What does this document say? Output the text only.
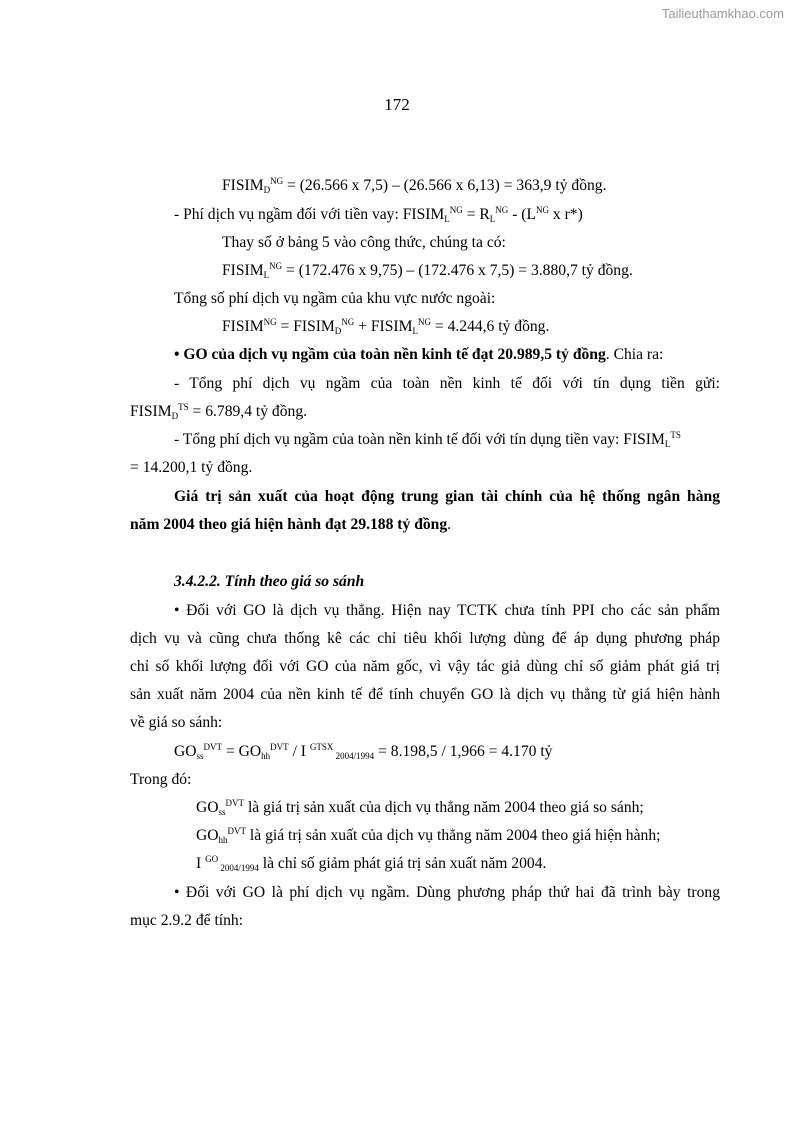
Tailieuthamkhao.com
172
$FISIM_D^{NG} = (26.566$ x 7,5) – (26.566 x 6,13) = 363,9 tỷ đồng.
- Phí dịch vụ ngầm đối với tiền vay: $FISIM_L^{NG} = R_L^{NG} - (L^{NG}$ x r*)
Thay số ở bảng 5 vào công thức, chúng ta có:
$FISIM_L^{NG} = (172.476$ x 9,75) – (172.476 x 7,5) = 3.880,7 tỷ đồng.
Tổng số phí dịch vụ ngầm của khu vực nước ngoài:
$FISIM^{NG}$ = $FISIM_D^{NG}$ + $FISIM_L^{NG} = 4.244,6$ tỷ đồng.
• GO của dịch vụ ngầm của toàn nền kinh tế đạt 20.989,5 tỷ đồng. Chia ra:
- Tổng phí dịch vụ ngầm của toàn nền kinh tế đối với tín dụng tiền gửi:
$FISIM_D^{TS} = 6.789,4$ tỷ đồng.
- Tổng phí dịch vụ ngầm của toàn nền kinh tế đối với tín dụng tiền vay: $FISIM_L^{TS}$
= 14.200,1 tỷ đồng.
Giá trị sản xuất của hoạt động trung gian tài chính của hệ thống ngân hàng
năm 2004 theo giá hiện hành đạt 29.188 tỷ đồng.
3.4.2.2. Tính theo giá so sánh
• Đối với GO là dịch vụ thẳng. Hiện nay TCTK chưa tính PPI cho các sản phẩm
dịch vụ và cũng chưa thống kê các chỉ tiêu khối lượng dùng để áp dụng phương pháp
chỉ số khối lượng đối với GO của năm gốc, vì vậy tác giả dùng chỉ số giảm phát giá trị
sản xuất năm 2004 của nền kinh tế để tính chuyển GO là dịch vụ thẳng từ giá hiện hành
về giá so sánh:
$GO_{ss}^{DVT} = GO_{hh}^{DVT} / I$ $^{GTSX}$ $_{2004/1994}$ = 8.198,5 / 1,966 = 4.170 tỷ
Trong đó:
$GO_{ss}^{DVT}$ là giá trị sản xuất của dịch vụ thẳng năm 2004 theo giá so sánh;
$GO_{hh}^{DVT}$ là giá trị sản xuất của dịch vụ thẳng năm 2004 theo giá hiện hành;
I $^{GO}$ $_{2004/1994}$ là chỉ số giảm phát giá trị sản xuất năm 2004.
• Đối với GO là phí dịch vụ ngầm. Dùng phương pháp thứ hai đã trình bày trong
mục 2.9.2 để tính:
